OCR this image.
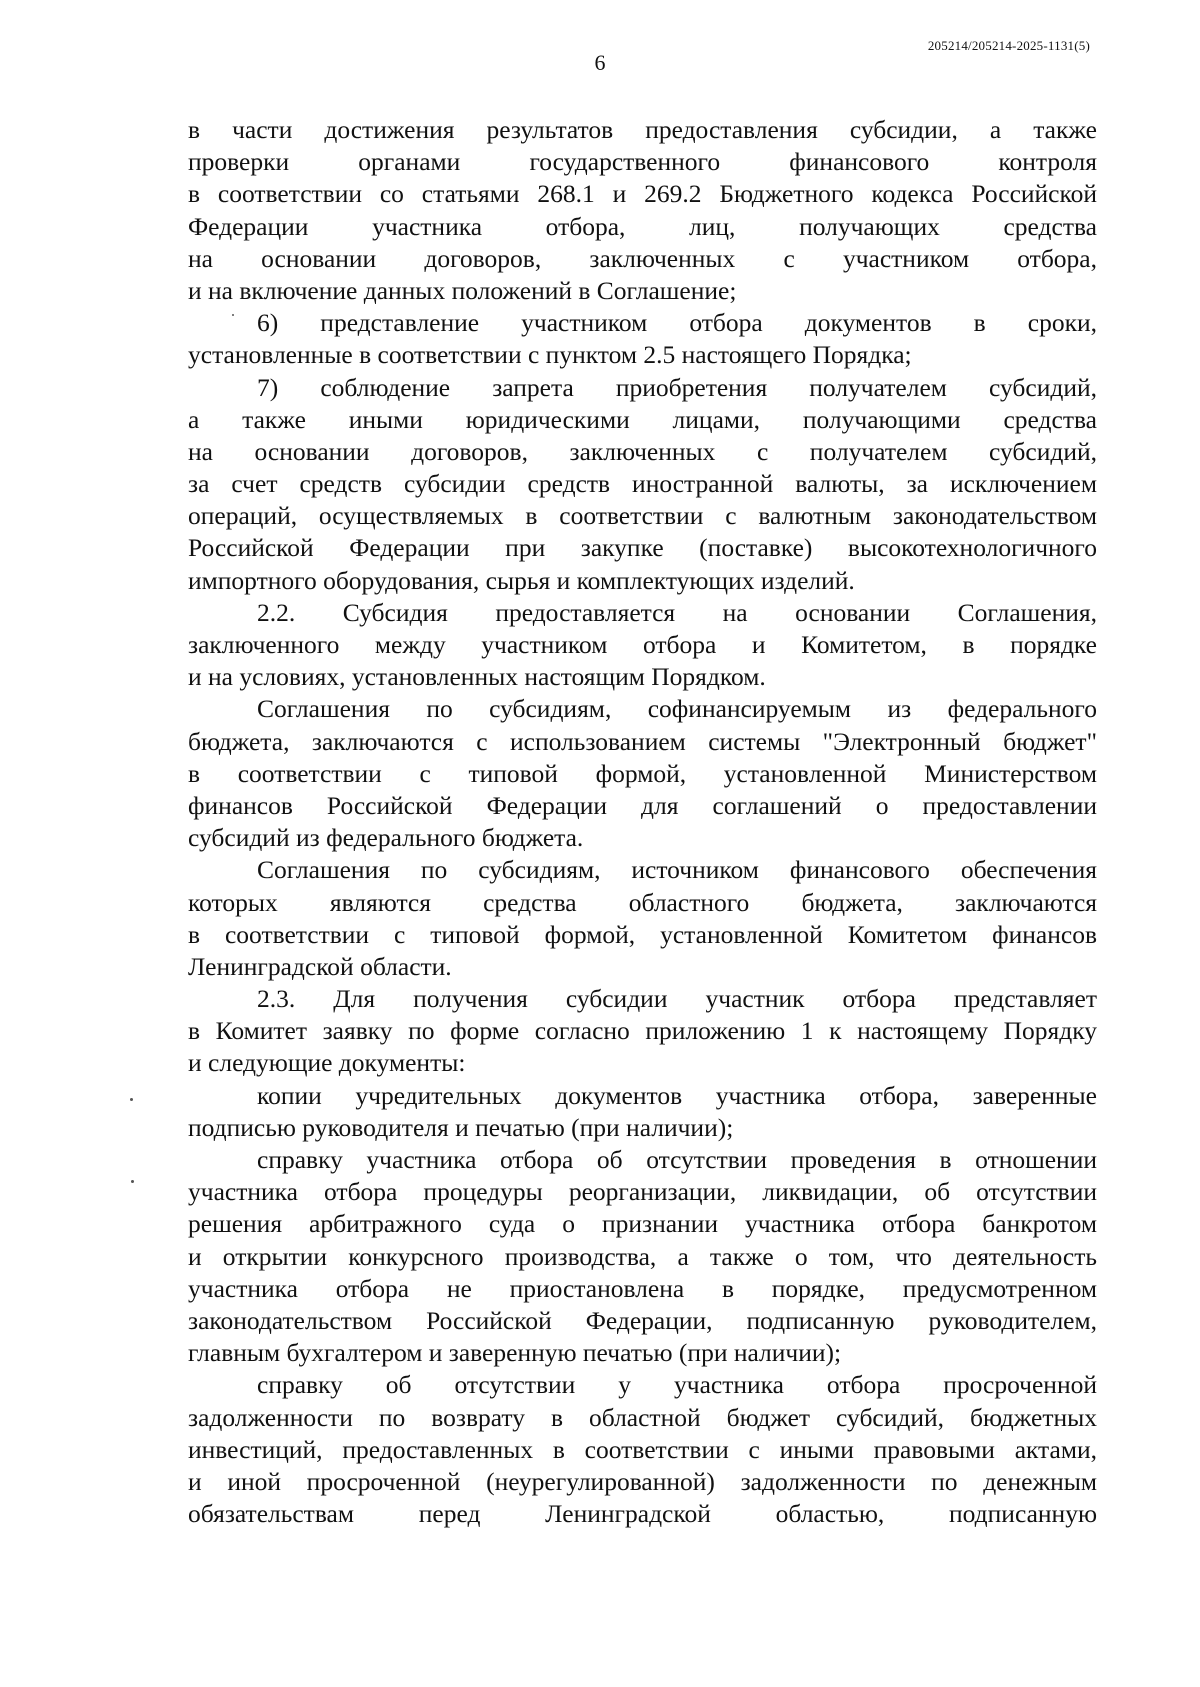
6
205214/205214-2025-1131(5)
в части достижения результатов предоставления субсидии, а также
проверки органами государственного финансового контроля
в соответствии со статьями 268.1 и 269.2 Бюджетного кодекса Российской
Федерации участника отбора, лиц, получающих средства
на основании договоров, заключенных с участником отбора,
и на включение данных положений в Соглашение;
6) представление участником отбора документов в сроки,
установленные в соответствии с пунктом 2.5 настоящего Порядка;
7) соблюдение запрета приобретения получателем субсидий,
а также иными юридическими лицами, получающими средства
на основании договоров, заключенных с получателем субсидий,
за счет средств субсидии средств иностранной валюты, за исключением
операций, осуществляемых в соответствии с валютным законодательством
Российской Федерации при закупке (поставке) высокотехнологичного
импортного оборудования, сырья и комплектующих изделий.
2.2. Субсидия предоставляется на основании Соглашения,
заключенного между участником отбора и Комитетом, в порядке
и на условиях, установленных настоящим Порядком.
Соглашения по субсидиям, софинансируемым из федерального
бюджета, заключаются с использованием системы "Электронный бюджет"
в соответствии с типовой формой, установленной Министерством
финансов Российской Федерации для соглашений о предоставлении
субсидий из федерального бюджета.
Соглашения по субсидиям, источником финансового обеспечения
которых являются средства областного бюджета, заключаются
в соответствии с типовой формой, установленной Комитетом финансов
Ленинградской области.
2.3. Для получения субсидии участник отбора представляет
в Комитет заявку по форме согласно приложению 1 к настоящему Порядку
и следующие документы:
копии учредительных документов участника отбора, заверенные
подписью руководителя и печатью (при наличии);
справку участника отбора об отсутствии проведения в отношении
участника отбора процедуры реорганизации, ликвидации, об отсутствии
решения арбитражного суда о признании участника отбора банкротом
и открытии конкурсного производства, а также о том, что деятельность
участника отбора не приостановлена в порядке, предусмотренном
законодательством Российской Федерации, подписанную руководителем,
главным бухгалтером и заверенную печатью (при наличии);
справку об отсутствии у участника отбора просроченной
задолженности по возврату в областной бюджет субсидий, бюджетных
инвестиций, предоставленных в соответствии с иными правовыми актами,
и иной просроченной (неурегулированной) задолженности по денежным
обязательствам перед Ленинградской областью, подписанную
